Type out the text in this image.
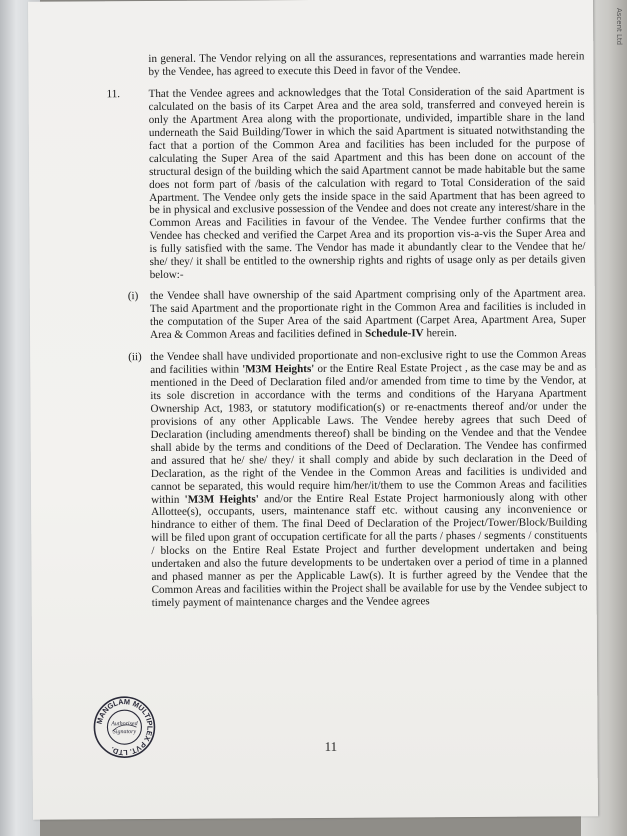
Ascent Ltd

in general. The Vendor relying on all the assurances, representations and warranties made herein by the Vendee, has agreed to execute this Deed in favor of the Vendee.

11.	That the Vendee agrees and acknowledges that the Total Consideration of the said Apartment is calculated on the basis of its Carpet Area and the area sold, transferred and conveyed herein is only the Apartment Area along with the proportionate, undivided, impartible share in the land underneath the Said Building/Tower in which the said Apartment is situated notwithstanding the fact that a portion of the Common Area and facilities has been included for the purpose of calculating the Super Area of the said Apartment and this has been done on account of the structural design of the building which the said Apartment cannot be made habitable but the same does not form part of /basis of the calculation with regard to Total Consideration of the said Apartment. The Vendee only gets the inside space in the said Apartment that has been agreed to be in physical and exclusive possession of the Vendee and does not create any interest/share in the Common Areas and Facilities in favour of the Vendee. The Vendee further confirms that the Vendee has checked and verified the Carpet Area and its proportion vis-a-vis the Super Area and is fully satisfied with the same. The Vendor has made it abundantly clear to the Vendee that he/ she/ they/ it shall be entitled to the ownership rights and rights of usage only as per details given below:-
(i)	the Vendee shall have ownership of the said Apartment comprising only of the Apartment area. The said Apartment and the proportionate right in the Common Area and facilities is included in the computation of the Super Area of the said Apartment (Carpet Area, Apartment Area, Super Area & Common Areas and facilities defined in Schedule-IV herein.
(ii) the Vendee shall have undivided proportionate and non-exclusive right to use the Common Areas and facilities within 'M3M Heights' or the Entire Real Estate Project , as the case may be and as mentioned in the Deed of Declaration filed and/or amended from time to time by the Vendor, at its sole discretion in accordance with the terms and conditions of the Haryana Apartment Ownership Act, 1983, or statutory modification(s) or re-enactments thereof and/or under the provisions of any other Applicable Laws. The Vendee hereby agrees that such Deed of Declaration (including amendments thereof) shall be binding on the Vendee and that the Vendee shall abide by the terms and conditions of the Deed of Declaration. The Vendee has confirmed and assured that he/ she/ they/ it shall comply and abide by such declaration in the Deed of Declaration, as the right of the Vendee in the Common Areas and facilities is undivided and cannot be separated, this would require him/her/it/them to use the Common Areas and facilities within 'M3M Heights' and/or the Entire Real Estate Project harmoniously along with other Allottee(s), occupants, users, maintenance staff etc. without causing any inconvenience or hindrance to either of them. The final Deed of Declaration of the Project/Tower/Block/Building will be filed upon grant of occupation certificate for all the parts / phases / segments / constituents / blocks on the Entire Real Estate Project and further development undertaken and being undertaken and also the future developments to be undertaken over a period of time in a planned and phased manner as per the Applicable Law(s). It is further agreed by the Vendee that the Common Areas and facilities within the Project shall be available for use by the Vendee subject to timely payment of maintenance charges and the Vendee agrees
11
MANGLAM MULTIPLEX PVT. LTD.
Authorised
Signatory
